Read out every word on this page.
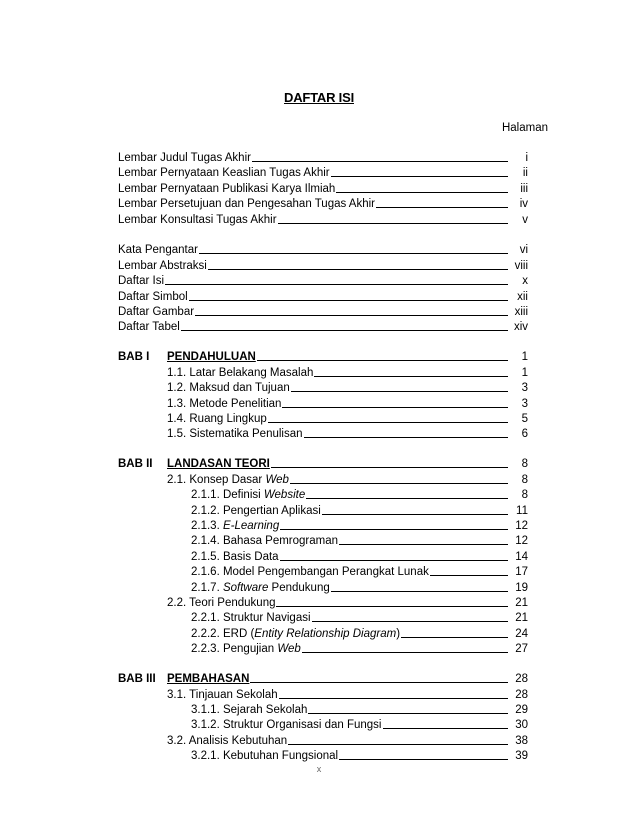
DAFTAR ISI
Halaman
Lembar Judul Tugas Akhir	i
Lembar Pernyataan Keaslian Tugas Akhir	ii
Lembar Pernyataan Publikasi Karya Ilmiah	iii
Lembar Persetujuan dan Pengesahan Tugas Akhir	iv
Lembar Konsultasi Tugas Akhir	v
Kata Pengantar	vi
Lembar Abstraksi	viii
Daftar Isi	x
Daftar Simbol	xii
Daftar Gambar	xiii
Daftar Tabel	xiv
BAB I PENDAHULUAN	1
1.1. Latar Belakang Masalah	1
1.2. Maksud dan Tujuan	3
1.3. Metode Penelitian	3
1.4. Ruang Lingkup	5
1.5. Sistematika Penulisan	6
BAB II LANDASAN TEORI	8
2.1. Konsep Dasar Web	8
2.1.1. Definisi Website	8
2.1.2. Pengertian Aplikasi	11
2.1.3. E-Learning	12
2.1.4. Bahasa Pemrograman	12
2.1.5. Basis Data	14
2.1.6. Model Pengembangan Perangkat Lunak	17
2.1.7. Software Pendukung	19
2.2. Teori Pendukung	21
2.2.1. Struktur Navigasi	21
2.2.2. ERD (Entity Relationship Diagram)	24
2.2.3. Pengujian Web	27
BAB III PEMBAHASAN	28
3.1. Tinjauan Sekolah	28
3.1.1. Sejarah Sekolah	29
3.1.2. Struktur Organisasi dan Fungsi	30
3.2. Analisis Kebutuhan	38
3.2.1. Kebutuhan Fungsional	39
x
